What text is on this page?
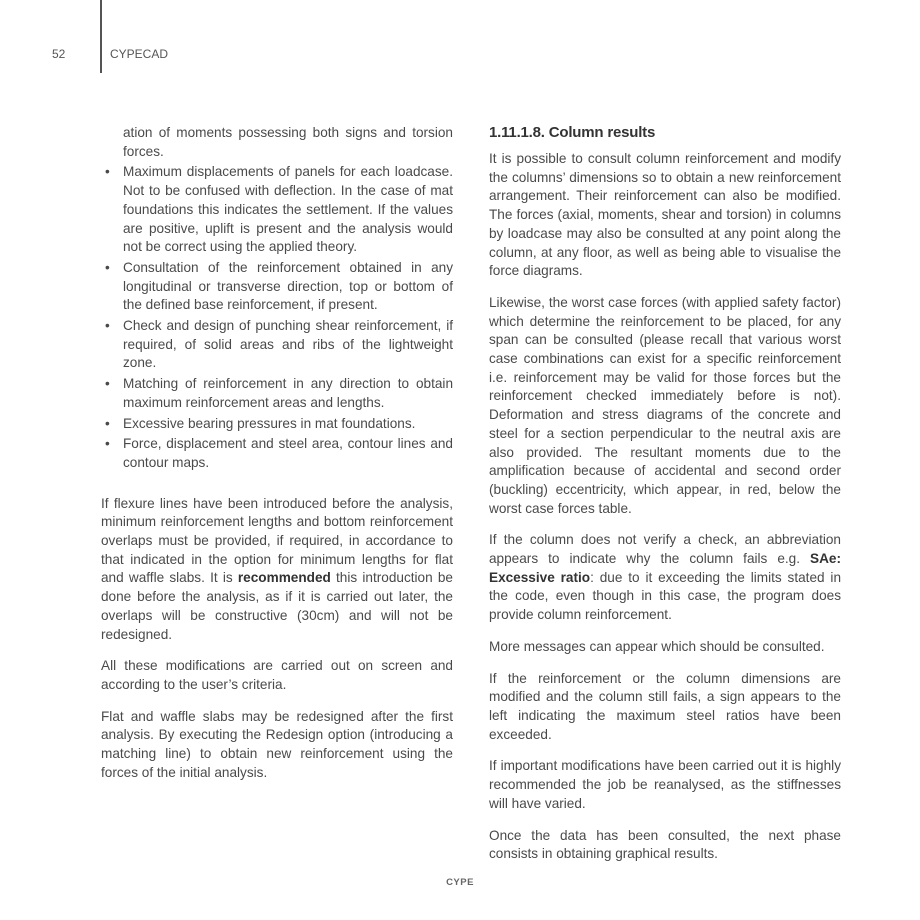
52	CYPECAD

ation of moments possessing both signs and torsion forces.

• Maximum displacements of panels for each loadcase. Not to be confused with deflection. In the case of mat foundations this indicates the settlement. If the values are positive, uplift is present and the analysis would not be correct using the applied theory.
• Consultation of the reinforcement obtained in any longitudinal or transverse direction, top or bottom of the defined base reinforcement, if present.
• Check and design of punching shear reinforcement, if required, of solid areas and ribs of the lightweight zone.
• Matching of reinforcement in any direction to obtain maximum reinforcement areas and lengths.
• Excessive bearing pressures in mat foundations.
• Force, displacement and steel area, contour lines and contour maps.

If flexure lines have been introduced before the analysis, minimum reinforcement lengths and bottom reinforcement overlaps must be provided, if required, in accordance to that indicated in the option for minimum lengths for flat and waffle slabs. It is recommended this introduction be done before the analysis, as if it is carried out later, the overlaps will be constructive (30cm) and will not be redesigned.

All these modifications are carried out on screen and according to the user’s criteria.

Flat and waffle slabs may be redesigned after the first analysis. By executing the Redesign option (introducing a matching line) to obtain new reinforcement using the forces of the initial analysis.

1.11.1.8. Column results

It is possible to consult column reinforcement and modify the columns’ dimensions so to obtain a new reinforcement arrangement. Their reinforcement can also be modified. The forces (axial, moments, shear and torsion) in columns by loadcase may also be consulted at any point along the column, at any floor, as well as being able to visualise the force diagrams.

Likewise, the worst case forces (with applied safety factor) which determine the reinforcement to be placed, for any span can be consulted (please recall that various worst case combinations can exist for a specific reinforcement i.e. reinforcement may be valid for those forces but the reinforcement checked immediately before is not). Deformation and stress diagrams of the concrete and steel for a section perpendicular to the neutral axis are also provided. The resultant moments due to the amplification because of accidental and second order (buckling) eccentricity, which appear, in red, below the worst case forces table.

If the column does not verify a check, an abbreviation appears to indicate why the column fails e.g. SAe: Excessive ratio: due to it exceeding the limits stated in the code, even though in this case, the program does provide column reinforcement.

More messages can appear which should be consulted.

If the reinforcement or the column dimensions are modified and the column still fails, a sign appears to the left indicating the maximum steel ratios have been exceeded.

If important modifications have been carried out it is highly recommended the job be reanalysed, as the stiffnesses will have varied.

Once the data has been consulted, the next phase consists in obtaining graphical results.

CYPE
